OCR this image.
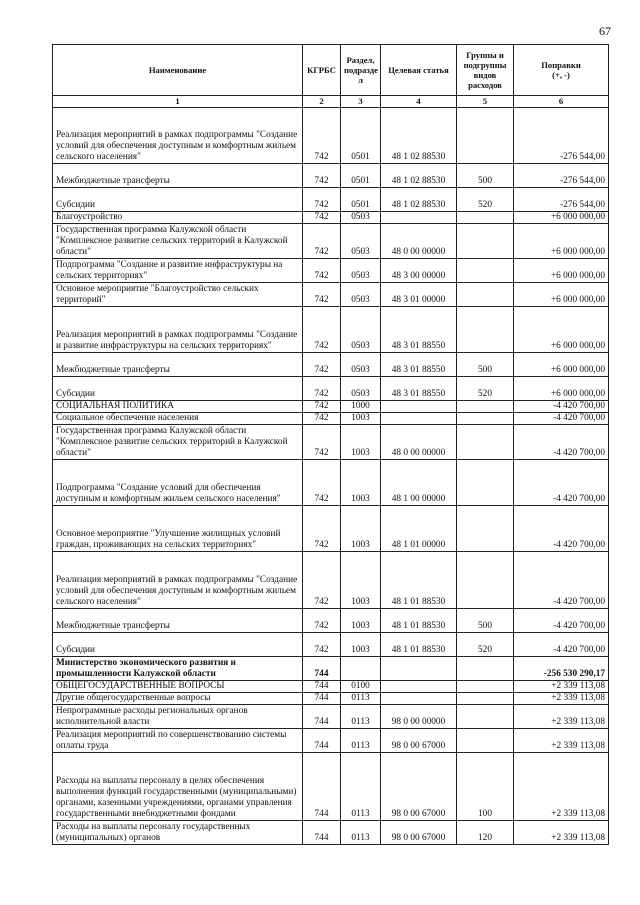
67
Наименование	КГРБС	Раздел,
подразде
л	Целевая статья	Группы и
подгруппы
видов
расходов	Поправки
(+, -)
1	2	3	4	5	6
Реализация мероприятий в рамках подпрограммы "Создание условий для обеспечения доступным и комфортным жильем сельского населения"	742	0501	48 1 02 88530		-276 544,00
Межбюджетные трансферты	742	0501	48 1 02 88530	500	-276 544,00
Субсидии	742	0501	48 1 02 88530	520	-276 544,00
Благоустройство	742	0503			+6 000 000,00
Государственная программа Калужской области "Комплексное развитие сельских территорий в Калужской области"	742	0503	48 0 00 00000		+6 000 000,00
Подпрограмма "Создание и развитие инфраструктуры на сельских территориях"	742	0503	48 3 00 00000		+6 000 000,00
Основное мероприятие "Благоустройство сельских территорий"	742	0503	48 3 01 00000		+6 000 000,00
Реализация мероприятий в рамках подпрограммы "Создание и развитие инфраструктуры на сельских территориях"	742	0503	48 3 01 88550		+6 000 000,00
Межбюджетные трансферты	742	0503	48 3 01 88550	500	+6 000 000,00
Субсидии	742	0503	48 3 01 88550	520	+6 000 000,00
СОЦИАЛЬНАЯ ПОЛИТИКА	742	1000			-4 420 700,00
Социальное обеспечение населения	742	1003			-4 420 700,00
Государственная программа Калужской области "Комплексное развитие сельских территорий в Калужской области"	742	1003	48 0 00 00000		-4 420 700,00
Подпрограмма "Создание условий для обеспечения доступным и комфортным жильем сельского населения"	742	1003	48 1 00 00000		-4 420 700,00
Основное мероприятие "Улучшение жилищных условий граждан, проживающих на сельских территориях"	742	1003	48 1 01 00000		-4 420 700,00
Реализация мероприятий в рамках подпрограммы "Создание условий для обеспечения доступным и комфортным жильем сельского населения"	742	1003	48 1 01 88530		-4 420 700,00
Межбюджетные трансферты	742	1003	48 1 01 88530	500	-4 420 700,00
Субсидии	742	1003	48 1 01 88530	520	-4 420 700,00
Министерство экономического развития и промышленности Калужской области	744				-256 530 290,17
ОБЩЕГОСУДАРСТВЕННЫЕ ВОПРОСЫ	744	0100			+2 339 113,08
Другие общегосударственные вопросы	744	0113			+2 339 113,08
Непрограммные расходы региональных органов исполнительной власти	744	0113	98 0 00 00000		+2 339 113,08
Реализация мероприятий по совершенствованию системы оплаты труда	744	0113	98 0 00 67000		+2 339 113,08
Расходы на выплаты персоналу в целях обеспечения выполнения функций государственными (муниципальными) органами, казенными учреждениями, органами управления государственными внебюджетными фондами	744	0113	98 0 00 67000	100	+2 339 113,08
Расходы на выплаты персоналу государственных (муниципальных) органов	744	0113	98 0 00 67000	120	+2 339 113,08
